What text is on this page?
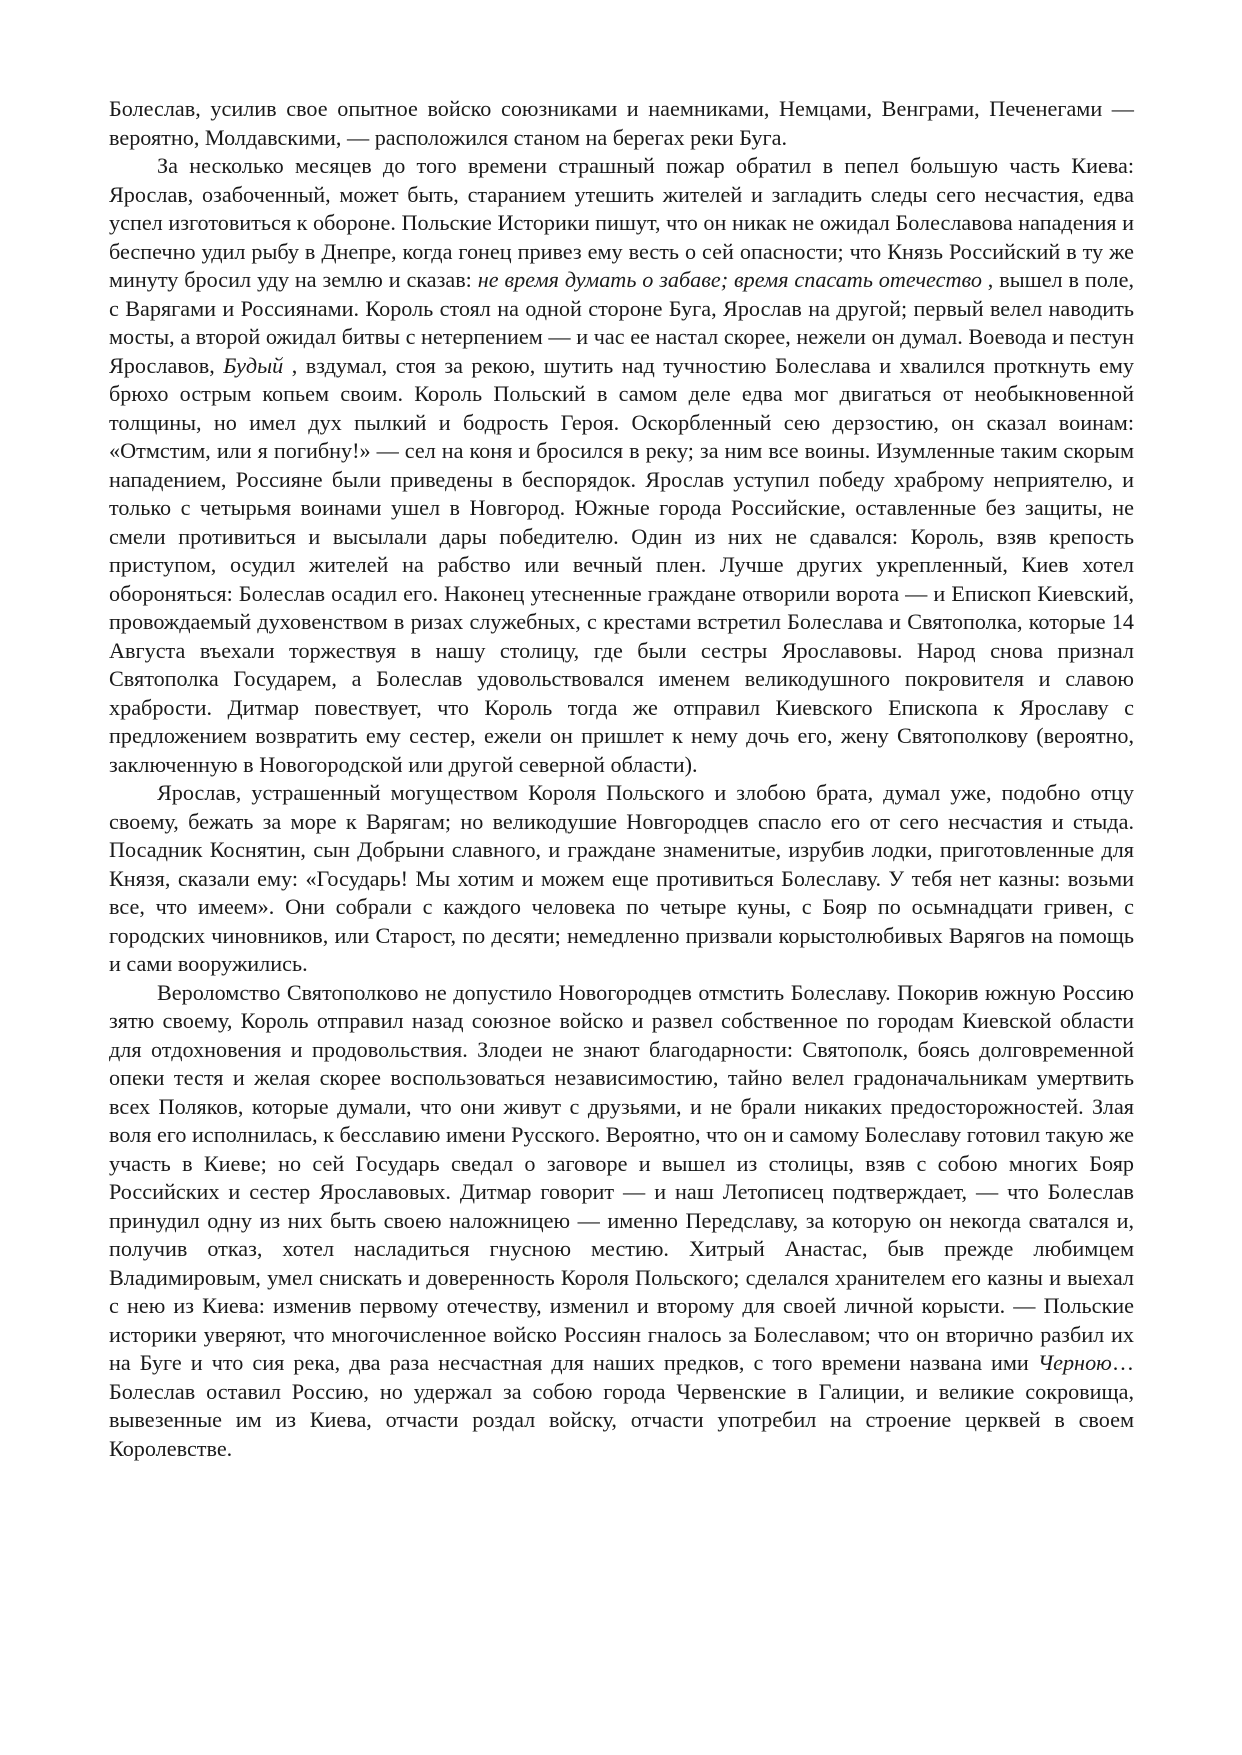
Болеслав, усилив свое опытное войско союзниками и наемниками, Немцами, Венграми, Печенегами — вероятно, Молдавскими, — расположился станом на берегах реки Буга.

За несколько месяцев до того времени страшный пожар обратил в пепел большую часть Киева: Ярослав, озабоченный, может быть, старанием утешить жителей и загладить следы сего несчастия, едва успел изготовиться к обороне. Польские Историки пишут, что он никак не ожидал Болеславова нападения и беспечно удил рыбу в Днепре, когда гонец привез ему весть о сей опасности; что Князь Российский в ту же минуту бросил уду на землю и сказав: не время думать о забаве; время спасать отечество , вышел в поле, с Варягами и Россиянами. Король стоял на одной стороне Буга, Ярослав на другой; первый велел наводить мосты, а второй ожидал битвы с нетерпением — и час ее настал скорее, нежели он думал. Воевода и пестун Ярославов, Будый , вздумал, стоя за рекою, шутить над тучностию Болеслава и хвалился проткнуть ему брюхо острым копьем своим. Король Польский в самом деле едва мог двигаться от необыкновенной толщины, но имел дух пылкий и бодрость Героя. Оскорбленный сею дерзостию, он сказал воинам: «Отмстим, или я погибну!» — сел на коня и бросился в реку; за ним все воины. Изумленные таким скорым нападением, Россияне были приведены в беспорядок. Ярослав уступил победу храброму неприятелю, и только с четырьмя воинами ушел в Новгород. Южные города Российские, оставленные без защиты, не смели противиться и высылали дары победителю. Один из них не сдавался: Король, взяв крепость приступом, осудил жителей на рабство или вечный плен. Лучше других укрепленный, Киев хотел обороняться: Болеслав осадил его. Наконец утесненные граждане отворили ворота — и Епископ Киевский, провождаемый духовенством в ризах служебных, с крестами встретил Болеслава и Святополка, которые 14 Августа въехали торжествуя в нашу столицу, где были сестры Ярославовы. Народ снова признал Святополка Государем, а Болеслав удовольствовался именем великодушного покровителя и славою храбрости. Дитмар повествует, что Король тогда же отправил Киевского Епископа к Ярославу с предложением возвратить ему сестер, ежели он пришлет к нему дочь его, жену Святополкову (вероятно, заключенную в Новогородской или другой северной области).

Ярослав, устрашенный могуществом Короля Польского и злобою брата, думал уже, подобно отцу своему, бежать за море к Варягам; но великодушие Новгородцев спасло его от сего несчастия и стыда. Посадник Коснятин, сын Добрыни славного, и граждане знаменитые, изрубив лодки, приготовленные для Князя, сказали ему: «Государь! Мы хотим и можем еще противиться Болеславу. У тебя нет казны: возьми все, что имеем». Они собрали с каждого человека по четыре куны, с Бояр по осьмнадцати гривен, с городских чиновников, или Старост, по десяти; немедленно призвали корыстолюбивых Варягов на помощь и сами вооружились.

Вероломство Святополково не допустило Новогородцев отмстить Болеславу. Покорив южную Россию зятю своему, Король отправил назад союзное войско и развел собственное по городам Киевской области для отдохновения и продовольствия. Злодеи не знают благодарности: Святополк, боясь долговременной опеки тестя и желая скорее воспользоваться независимостию, тайно велел градоначальникам умертвить всех Поляков, которые думали, что они живут с друзьями, и не брали никаких предосторожностей. Злая воля его исполнилась, к бесславию имени Русского. Вероятно, что он и самому Болеславу готовил такую же участь в Киеве; но сей Государь сведал о заговоре и вышел из столицы, взяв с собою многих Бояр Российских и сестер Ярославовых. Дитмар говорит — и наш Летописец подтверждает, — что Болеслав принудил одну из них быть своею наложницею — именно Передславу, за которую он некогда сватался и, получив отказ, хотел насладиться гнусною местию. Хитрый Анастас, быв прежде любимцем Владимировым, умел снискать и доверенность Короля Польского; сделался хранителем его казны и выехал с нею из Киева: изменив первому отечеству, изменил и второму для своей личной корысти. — Польские историки уверяют, что многочисленное войско Россиян гналось за Болеславом; что он вторично разбил их на Буге и что сия река, два раза несчастная для наших предков, с того времени названа ими Черною… Болеслав оставил Россию, но удержал за собою города Червенские в Галиции, и великие сокровища, вывезенные им из Киева, отчасти роздал войску, отчасти употребил на строение церквей в своем Королевстве.
